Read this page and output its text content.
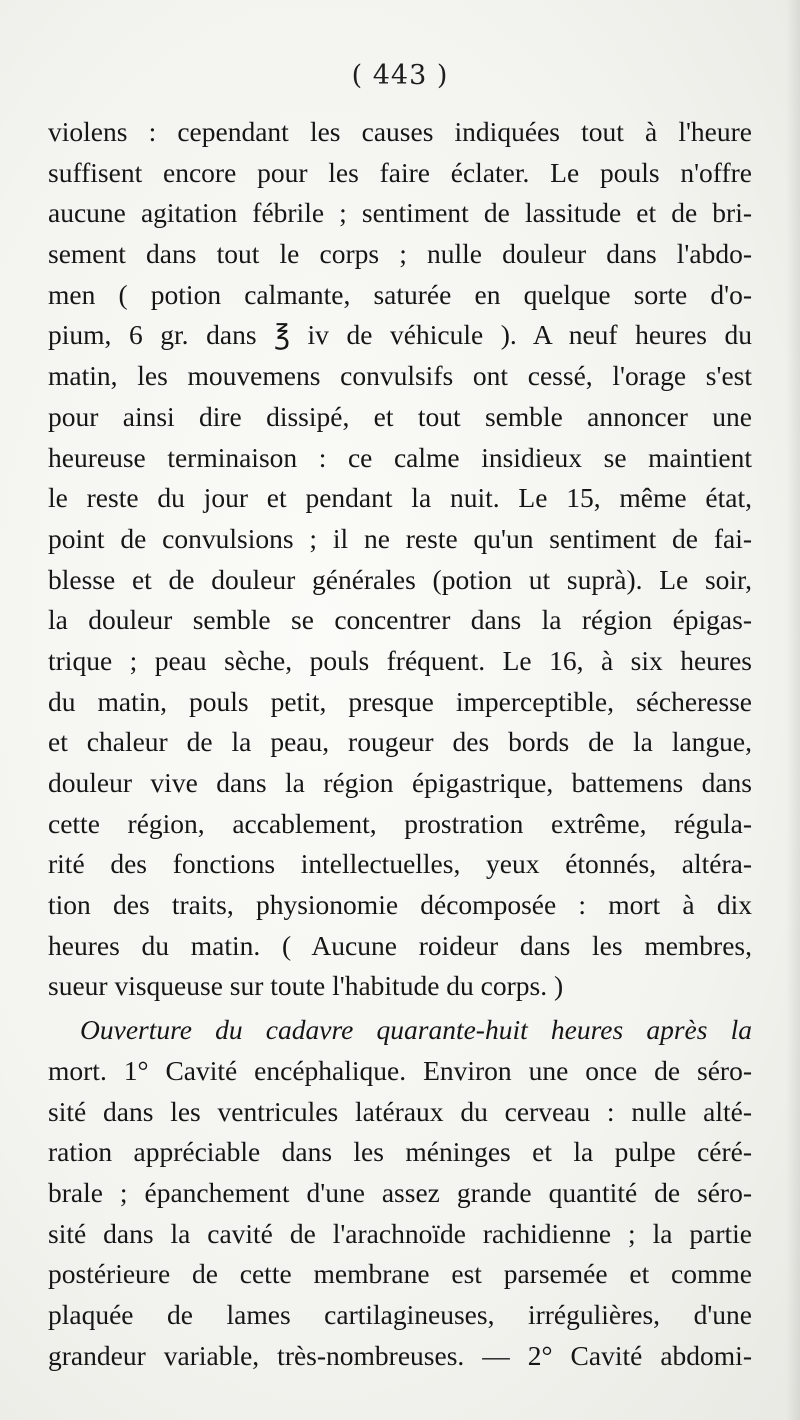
( 443 )
violens : cependant les causes indiquées tout à l'heure
suffisent encore pour les faire éclater. Le pouls n'offre
aucune agitation fébrile ; sentiment de lassitude et de bri-
sement dans tout le corps ; nulle douleur dans l'abdo-
men ( potion calmante, saturée en quelque sorte d'o-
pium, 6 gr. dans ℥ iv de véhicule ). A neuf heures du
matin, les mouvemens convulsifs ont cessé, l'orage s'est
pour ainsi dire dissipé, et tout semble annoncer une
heureuse terminaison : ce calme insidieux se maintient
le reste du jour et pendant la nuit. Le 15, même état,
point de convulsions ; il ne reste qu'un sentiment de fai-
blesse et de douleur générales (potion ut suprà). Le soir,
la douleur semble se concentrer dans la région épigas-
trique ; peau sèche, pouls fréquent. Le 16, à six heures
du matin, pouls petit, presque imperceptible, sécheresse
et chaleur de la peau, rougeur des bords de la langue,
douleur vive dans la région épigastrique, battemens dans
cette région, accablement, prostration extrême, régula-
rité des fonctions intellectuelles, yeux étonnés, altéra-
tion des traits, physionomie décomposée : mort à dix
heures du matin. ( Aucune roideur dans les membres,
sueur visqueuse sur toute l'habitude du corps. )
Ouverture du cadavre quarante-huit heures après la
mort. 1° Cavité encéphalique. Environ une once de séro-
sité dans les ventricules latéraux du cerveau : nulle alté-
ration appréciable dans les méninges et la pulpe céré-
brale ; épanchement d'une assez grande quantité de séro-
sité dans la cavité de l'arachnoïde rachidienne ; la partie
postérieure de cette membrane est parsemée et comme
plaquée de lames cartilagineuses, irrégulières, d'une
grandeur variable, très-nombreuses. — 2° Cavité abdomi-
